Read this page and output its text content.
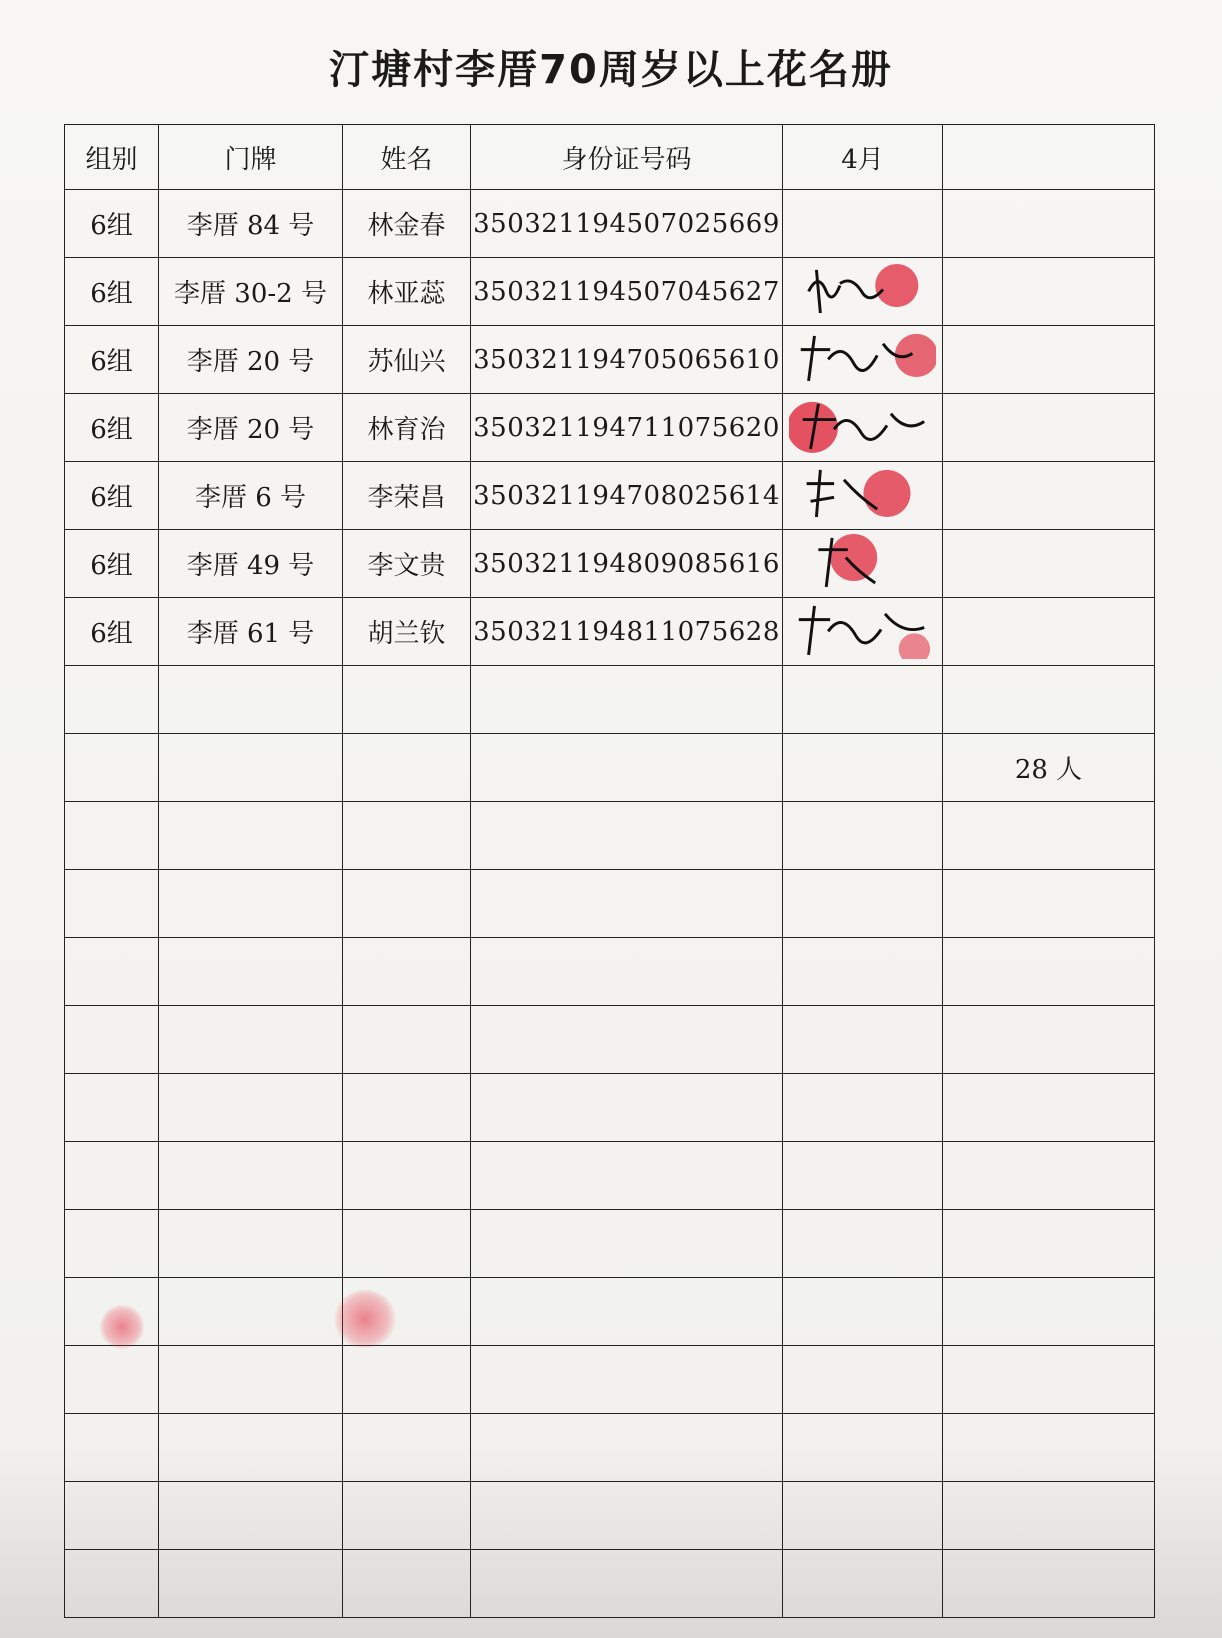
汀塘村李厝70周岁以上花名册
组别	门牌	姓名	身份证号码	4月	
6组	李厝 84 号	林金春	350321194507025669		
6组	李厝 30-2 号	林亚蕊	350321194507045627	

6组	李厝 20 号	苏仙兴	350321194705065610	

6组	李厝 20 号	林育治	350321194711075620	

6组	李厝 6 号	李荣昌	350321194708025614	

6组	李厝 49 号	李文贵	350321194809085616	

6组	李厝 61 号	胡兰钦	350321194811075628	

					28 人
